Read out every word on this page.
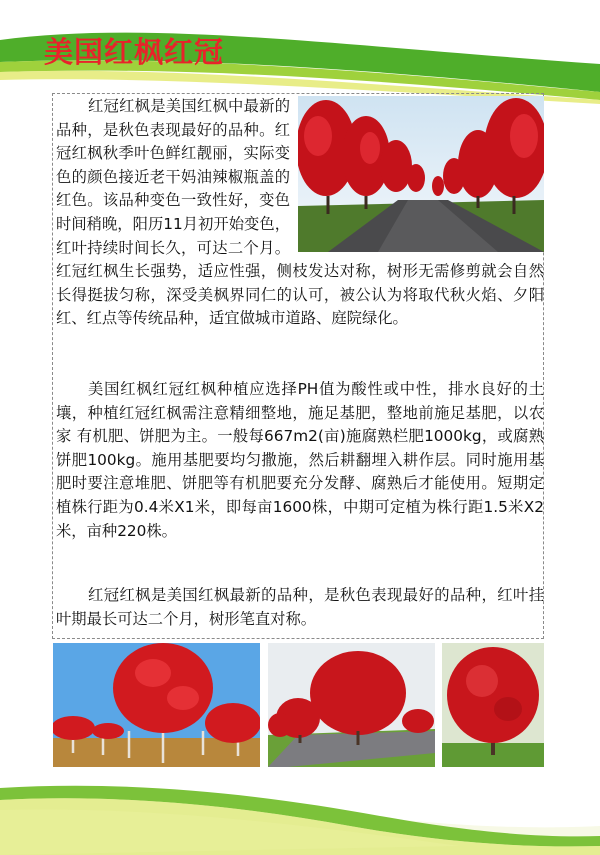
美国红枫红冠

红冠红枫是美国红枫中最新的品种，是秋色表现最好的品种。红冠红枫秋季叶色鲜红靓丽，实际变色的颜色接近老干妈油辣椒瓶盖的红色。该品种变色一致性好，变色时间稍晚，阳历11月初开始变色，红叶持续时间长久，可达二个月。红冠红枫生长强势，适应性强，侧枝发达对称，树形无需修剪就会自然长得挺拔匀称，深受美枫界同仁的认可，被公认为将取代秋火焰、夕阳红、红点等传统品种，适宜做城市道路、庭院绿化。

美国红枫红冠红枫种植应选择PH值为酸性或中性，排水良好的土壤，种植红冠红枫需注意精细整地，施足基肥，整地前施足基肥，以农家 有机肥、饼肥为主。一般每667m2(亩)施腐熟栏肥1000kg，或腐熟饼肥100kg。施用基肥要均匀撒施，然后耕翻埋入耕作层。同时施用基肥时要注意堆肥、饼肥等有机肥要充分发酵、腐熟后才能使用。短期定植株行距为0.4米X1米，即每亩1600株，中期可定植为株行距1.5米X2米，亩种220株。

红冠红枫是美国红枫最新的品种，是秋色表现最好的品种，红叶挂叶期最长可达二个月，树形笔直对称。
